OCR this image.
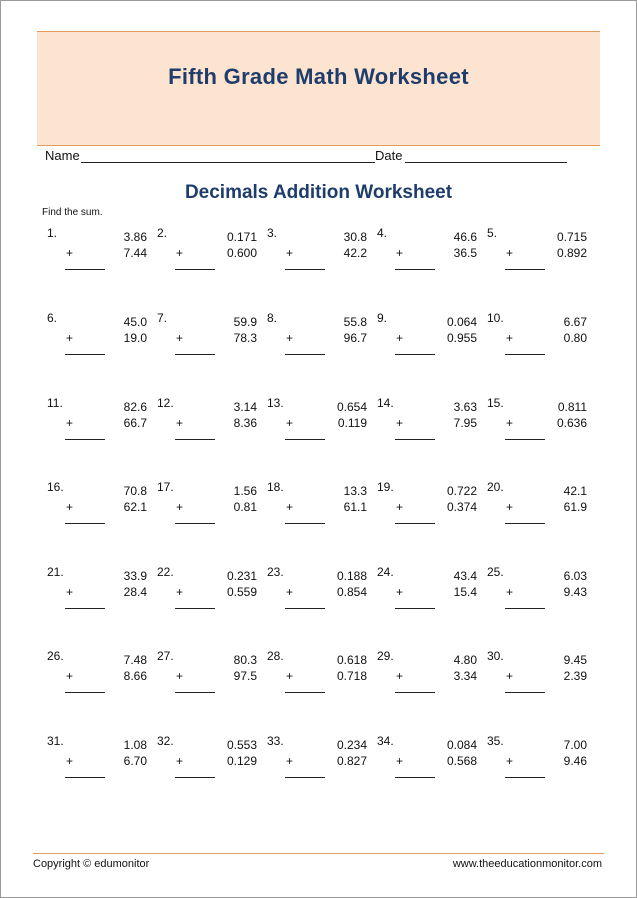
Fifth Grade Math Worksheet
Name	Date
Decimals Addition Worksheet
Find the sum.
1.	3.86
+	7.44
2.	0.171
+	0.600
3.	30.8
+	42.2
4.	46.6
+	36.5
5.	0.715
+	0.892
6.	45.0
+	19.0
7.	59.9
+	78.3
8.	55.8
+	96.7
9.	0.064
+	0.955
10.	6.67
+	0.80
11.	82.6
+	66.7
12.	3.14
+	8.36
13.	0.654
+	0.119
14.	3.63
+	7.95
15.	0.811
+	0.636
16.	70.8
+	62.1
17.	1.56
+	0.81
18.	13.3
+	61.1
19.	0.722
+	0.374
20.	42.1
+	61.9
21.	33.9
+	28.4
22.	0.231
+	0.559
23.	0.188
+	0.854
24.	43.4
+	15.4
25.	6.03
+	9.43
26.	7.48
+	8.66
27.	80.3
+	97.5
28.	0.618
+	0.718
29.	4.80
+	3.34
30.	9.45
+	2.39
31.	1.08
+	6.70
32.	0.553
+	0.129
33.	0.234
+	0.827
34.	0.084
+	0.568
35.	7.00
+	9.46
Copyright © edumonitor	www.theeducationmonitor.com
